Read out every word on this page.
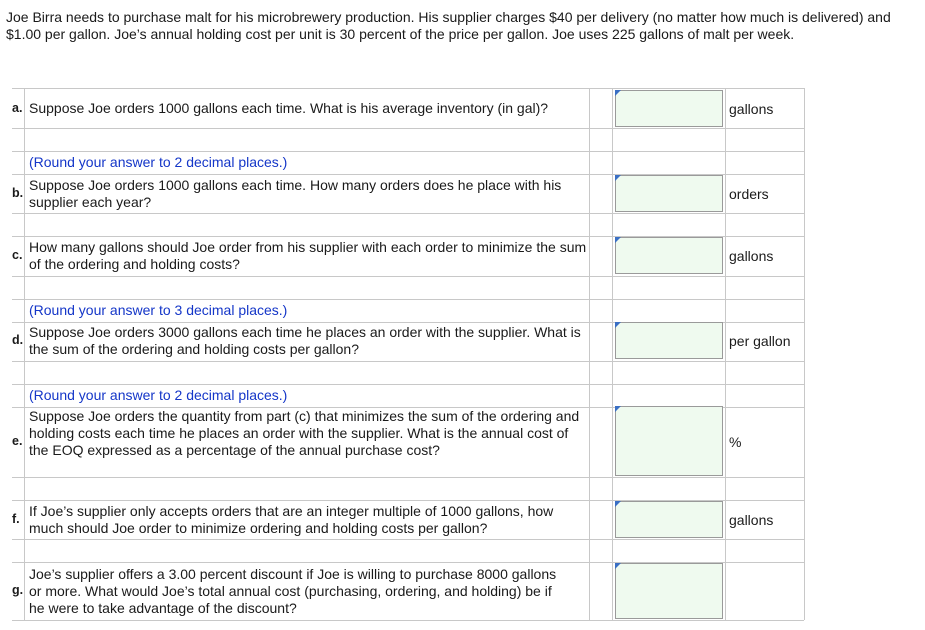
Joe Birra needs to purchase malt for his microbrewery production. His supplier charges $40 per delivery (no matter how much is delivered) and $1.00 per gallon. Joe’s annual holding cost per unit is 30 percent of the price per gallon. Joe uses 225 gallons of malt per week.
a. Suppose Joe orders 1000 gallons each time. What is his average inventory (in gal)?	gallons
(Round your answer to 2 decimal places.)
b. Suppose Joe orders 1000 gallons each time. How many orders does he place with his supplier each year?	orders
c. How many gallons should Joe order from his supplier with each order to minimize the sum of the ordering and holding costs?	gallons
(Round your answer to 3 decimal places.)
d. Suppose Joe orders 3000 gallons each time he places an order with the supplier. What is the sum of the ordering and holding costs per gallon?	per gallon
(Round your answer to 2 decimal places.)
e.
Suppose Joe orders the quantity from part (c) that minimizes the sum of the ordering and holding costs each time he places an order with the supplier. What is the annual cost of the EOQ expressed as a percentage of the annual purchase cost?	%
f. If Joe’s supplier only accepts orders that are an integer multiple of 1000 gallons, how much should Joe order to minimize ordering and holding costs per gallon?	gallons
g.
Joe’s supplier offers a 3.00 percent discount if Joe is willing to purchase 8000 gallons or more. What would Joe’s total annual cost (purchasing, ordering, and holding) be if he were to take advantage of the discount?
